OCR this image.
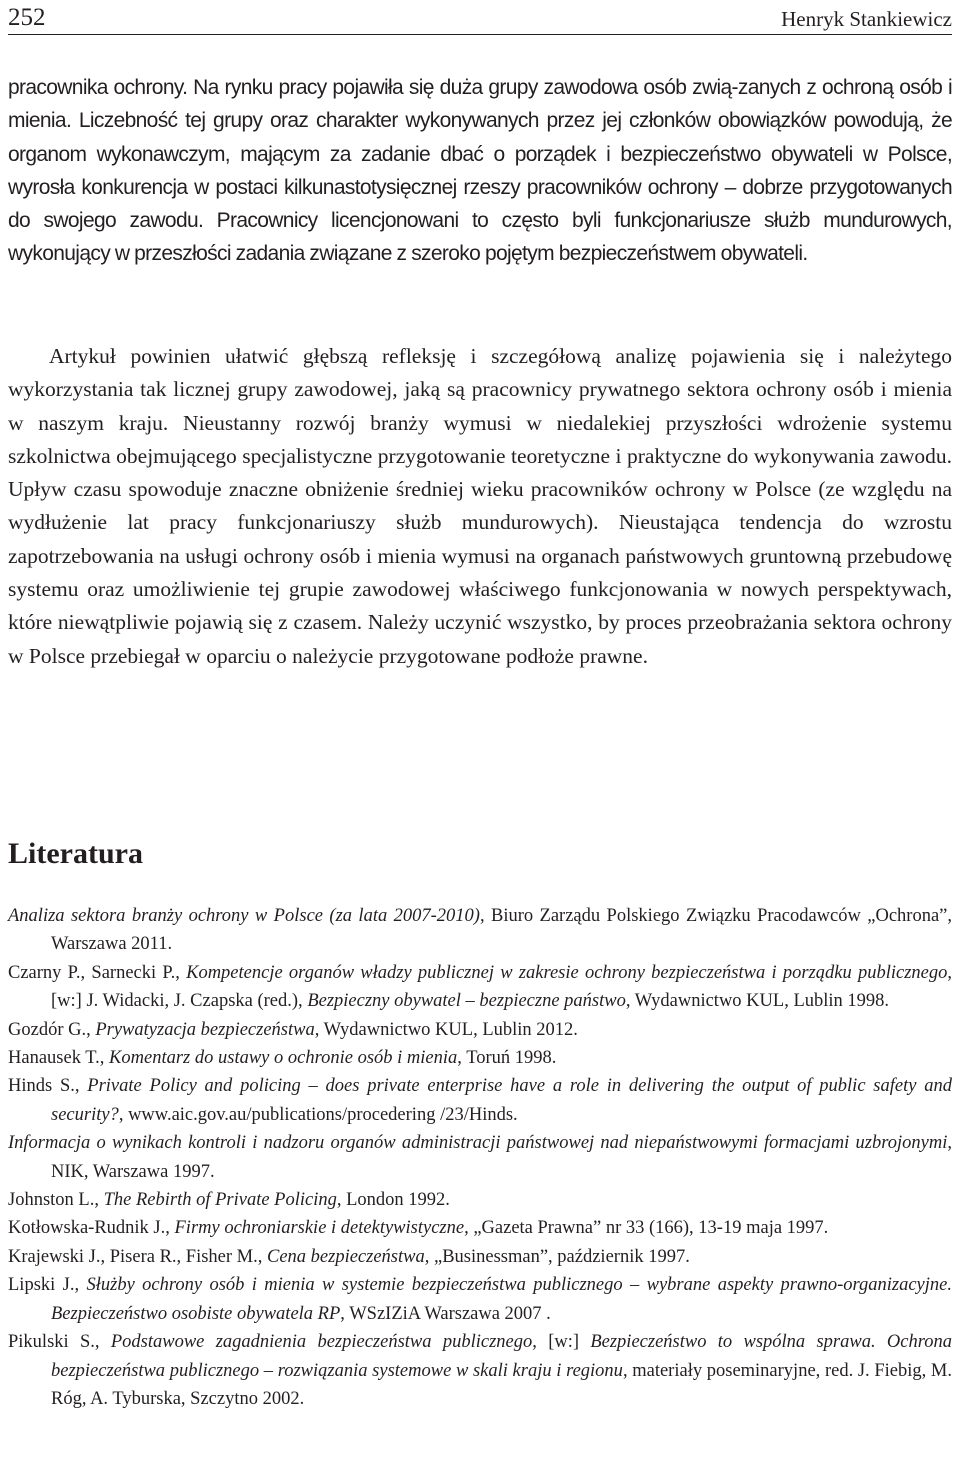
252	Henryk Stankiewicz

pracownika ochrony. Na rynku pracy pojawiła się duża grupy zawodowa osób zwią-zanych z ochroną osób i mienia. Liczebność tej grupy oraz charakter wykonywanych przez jej członków obowiązków powodują, że organom wykonawczym, mającym za zadanie dbać o porządek i bezpieczeństwo obywateli w Polsce, wyrosła konkurencja w postaci kilkunastotysięcznej rzeszy pracowników ochrony – dobrze przygotowanych do swojego zawodu. Pracownicy licencjonowani to często byli funkcjonariusze służb mundurowych, wykonujący w przeszłości zadania związane z szeroko pojętym bezpieczeństwem obywateli.

Artykuł powinien ułatwić głębszą refleksję i szczegółową analizę pojawienia się i należytego wykorzystania tak licznej grupy zawodowej, jaką są pracownicy prywatnego sektora ochrony osób i mienia w naszym kraju. Nieustanny rozwój branży wymusi w niedalekiej przyszłości wdrożenie systemu szkolnictwa obejmującego specjalistyczne przygotowanie teoretyczne i praktyczne do wykonywania zawodu. Upływ czasu spowoduje znaczne obniżenie średniej wieku pracowników ochrony w Polsce (ze względu na wydłużenie lat pracy funkcjonariuszy służb mundurowych). Nieustająca tendencja do wzrostu zapotrzebowania na usługi ochrony osób i mienia wymusi na organach państwowych gruntowną przebudowę systemu oraz umożliwienie tej grupie zawodowej właściwego funkcjonowania w nowych perspektywach, które niewątpliwie pojawią się z czasem. Należy uczynić wszystko, by proces przeobrażania sektora ochrony w Polsce przebiegał w oparciu o należycie przygotowane podłoże prawne.

Literatura
Analiza sektora branży ochrony w Polsce (za lata 2007-2010), Biuro Zarządu Polskiego Związku Pracodawców „Ochrona”, Warszawa 2011.
Czarny P., Sarnecki P., Kompetencje organów władzy publicznej w zakresie ochrony bezpieczeństwa i porządku publicznego, [w:] J. Widacki, J. Czapska (red.), Bezpieczny obywatel – bezpieczne państwo, Wydawnictwo KUL, Lublin 1998.
Gozdór G., Prywatyzacja bezpieczeństwa, Wydawnictwo KUL, Lublin 2012.
Hanausek T., Komentarz do ustawy o ochronie osób i mienia, Toruń 1998.
Hinds S., Private Policy and policing – does private enterprise have a role in delivering the output of public safety and security?, www.aic.gov.au/publications/procedering /23/Hinds.
Informacja o wynikach kontroli i nadzoru organów administracji państwowej nad niepaństwowymi formacjami uzbrojonymi, NIK, Warszawa 1997.
Johnston L., The Rebirth of Private Policing, London 1992.
Kotłowska-Rudnik J., Firmy ochroniarskie i detektywistyczne, „Gazeta Prawna” nr 33 (166), 13-19 maja 1997.
Krajewski J., Pisera R., Fisher M., Cena bezpieczeństwa, „Businessman”, październik 1997.
Lipski J., Służby ochrony osób i mienia w systemie bezpieczeństwa publicznego – wybrane aspekty prawno-organizacyjne. Bezpieczeństwo osobiste obywatela RP, WSzIZiA Warszawa 2007 .
Pikulski S., Podstawowe zagadnienia bezpieczeństwa publicznego, [w:] Bezpieczeństwo to wspólna sprawa. Ochrona bezpieczeństwa publicznego – rozwiązania systemowe w skali kraju i regionu, materiały poseminaryjne, red. J. Fiebig, M. Róg, A. Tyburska, Szczytno 2002.
